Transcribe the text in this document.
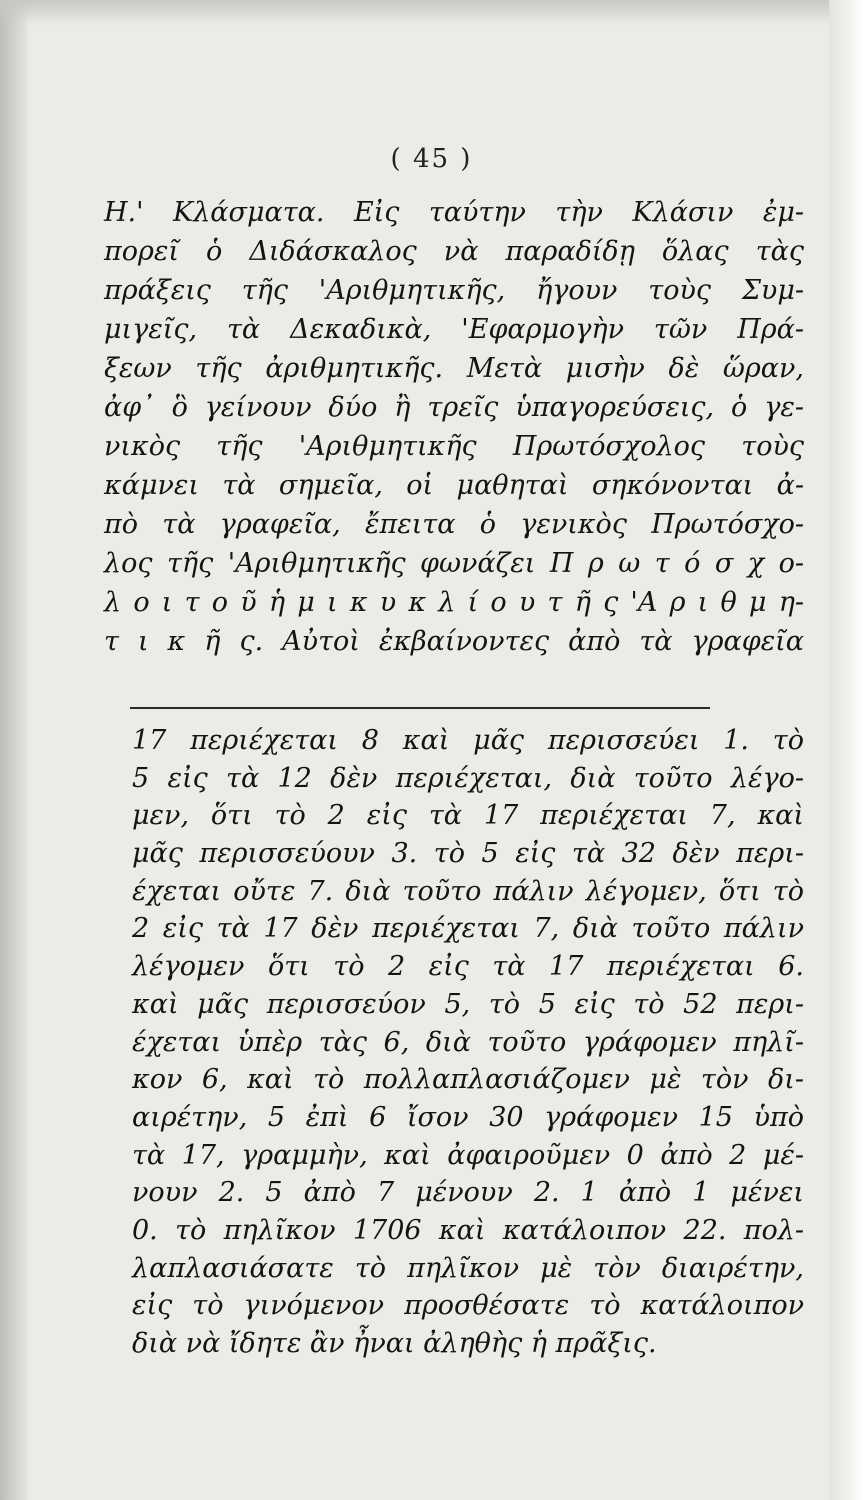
( 45 )
Η.' Κλάσματα. Εἰς ταύτην τὴν Κλάσιν ἐμ-
πορεῖ ὁ Διδάσκαλος νὰ παραδίδῃ ὅλας τὰς
πράξεις τῆς 'Αριθμητικῆς, ἤγουν τοὺς Συμ-
μιγεῖς, τὰ Δεκαδικὰ, 'Εφαρμογὴν τῶν Πρά-
ξεων τῆς ἀριθμητικῆς. Μετὰ μισὴν δὲ ὥραν,
ἀφ᾽ ὃ γείνουν δύο ἢ τρεῖς ὑπαγορεύσεις, ὁ γε-
νικὸς τῆς 'Αριθμητικῆς Πρωτόσχολος τοὺς
κάμνει τὰ σημεῖα, οἱ μαθηταὶ σηκόνονται ἀ-
πὸ τὰ γραφεῖα, ἔπειτα ὁ γενικὸς Πρωτόσχο-
λος τῆς 'Αριθμητικῆς φωνάζει Π ρ ω τ ό σ χ ο-
λ ο ι τ ο ῦ ἡ μ ι κ υ κ λ ί ο υ τ ῆ ς 'Α ρ ι θ μ η-
τ ι κ ῆ ς. Αὐτοὶ ἐκβαίνοντες ἀπὸ τὰ γραφεῖα
17 περιέχεται 8 καὶ μᾶς περισσεύει 1. τὸ
5 εἰς τὰ 12 δὲν περιέχεται, διὰ τοῦτο λέγο-
μεν, ὅτι τὸ 2 εἰς τὰ 17 περιέχεται 7, καὶ
μᾶς περισσεύουν 3. τὸ 5 εἰς τὰ 32 δὲν περι-
έχεται οὔτε 7. διὰ τοῦτο πάλιν λέγομεν, ὅτι τὸ
2 εἰς τὰ 17 δὲν περιέχεται 7, διὰ τοῦτο πάλιν
λέγομεν ὅτι τὸ 2 εἰς τὰ 17 περιέχεται 6.
καὶ μᾶς περισσεύον 5, τὸ 5 εἰς τὸ 52 περι-
έχεται ὑπὲρ τὰς 6, διὰ τοῦτο γράφομεν πηλῖ-
κον 6, καὶ τὸ πολλαπλασιάζομεν μὲ τὸν δι-
αιρέτην, 5 ἐπὶ 6 ἴσον 30 γράφομεν 15 ὑπὸ
τὰ 17, γραμμὴν, καὶ ἀφαιροῦμεν 0 ἀπὸ 2 μέ-
νουν 2. 5 ἀπὸ 7 μένουν 2. 1 ἀπὸ 1 μένει
0. τὸ πηλῖκον 1706 καὶ κατάλοιπον 22. πολ-
λαπλασιάσατε τὸ πηλῖκον μὲ τὸν διαιρέτην,
εἰς τὸ γινόμενον προσθέσατε τὸ κατάλοιπον
διὰ νὰ ἴδητε ἂν ἦναι ἀληθὴς ἡ πρᾶξις.
